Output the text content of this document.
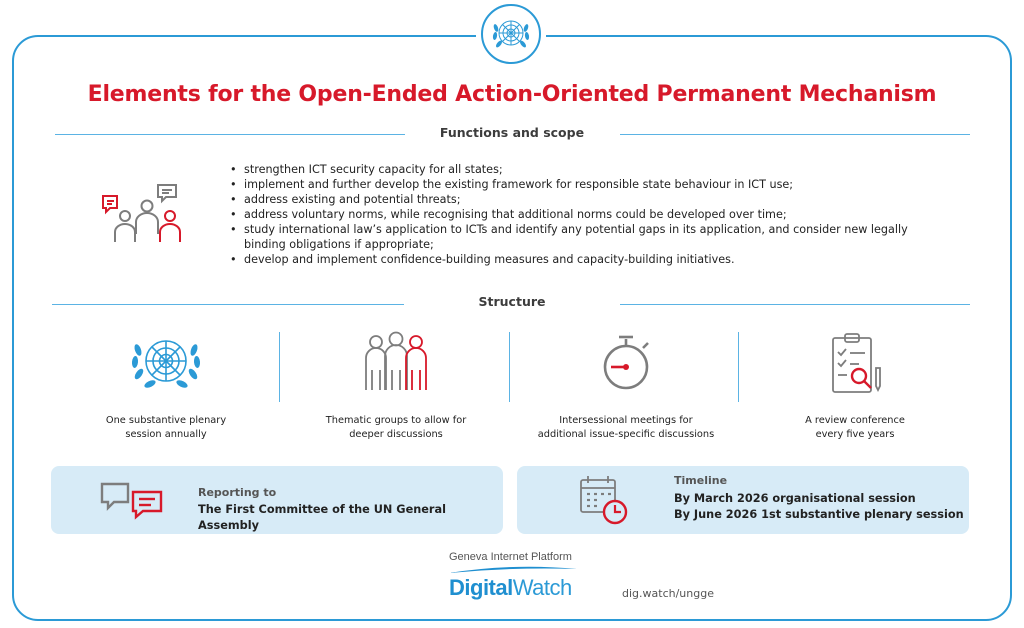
Elements for the Open-Ended Action-Oriented Permanent Mechanism
Functions and scope
• strengthen ICT security capacity for all states;
• implement and further develop the existing framework for responsible state behaviour in ICT use;
• address existing and potential threats;
• address voluntary norms, while recognising that additional norms could be developed over time;
• study international law’s application to ICTs and identify any potential gaps in its application, and consider new legally binding obligations if appropriate;
• develop and implement confidence-building measures and capacity-building initiatives.
Structure
One substantive plenary
session annually
Thematic groups to allow for
deeper discussions
Intersessional meetings for
additional issue-specific discussions
A review conference
every five years
Reporting to
The First Committee of the UN General Assembly
Timeline
By March 2026 organisational session
By June 2026 1st substantive plenary session
Geneva Internet Platform
DigitalWatch	dig.watch/ungge
